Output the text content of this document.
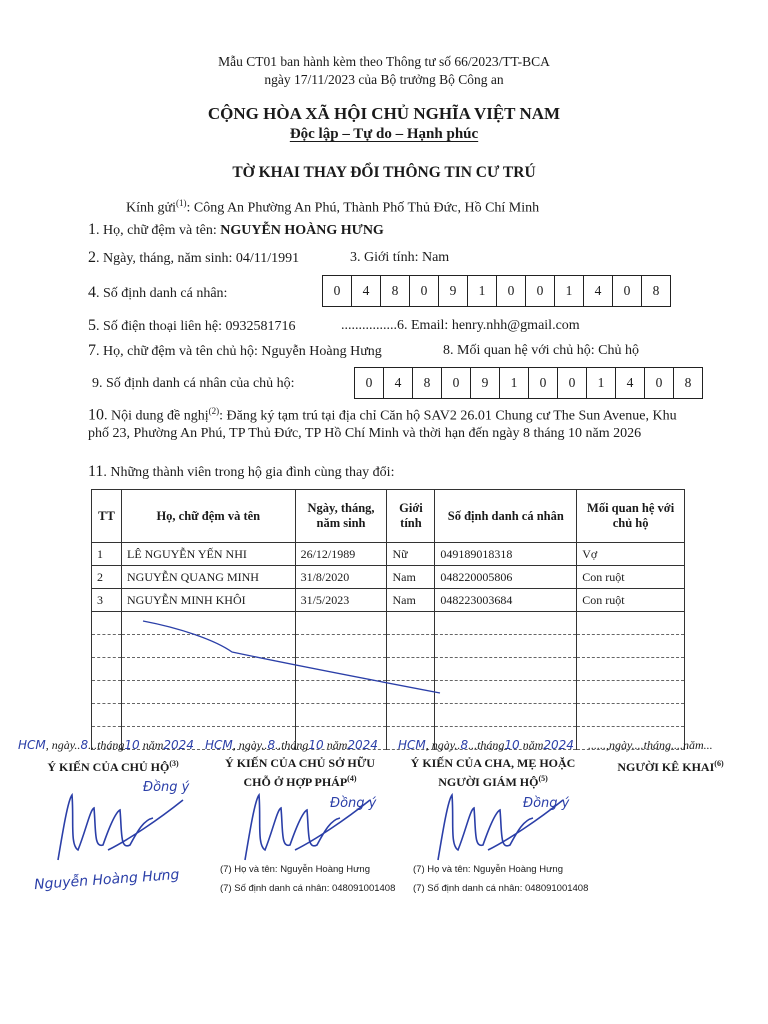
Mẫu CT01 ban hành kèm theo Thông tư số 66/2023/TT-BCA
ngày 17/11/2023 của Bộ trưởng Bộ Công an
CỘNG HÒA XÃ HỘI CHỦ NGHĨA VIỆT NAM
Độc lập – Tự do – Hạnh phúc
TỜ KHAI THAY ĐỔI THÔNG TIN CƯ TRÚ
Kính gửi$^{(1)}$: Công An Phường An Phú, Thành Phố Thủ Đức, Hồ Chí Minh
1. Họ, chữ đệm và tên: NGUYỄN HOÀNG HƯNG
2. Ngày, tháng, năm sinh: 04/11/1991	3. Giới tính: Nam
4. Số định danh cá nhân:	0	4	8	0	9	1	0	0	1	4	0	8
5. Số điện thoại liên hệ: 0932581716	................6. Email: henry.nhh@gmail.com
7. Họ, chữ đệm và tên chủ hộ: Nguyễn Hoàng Hưng	8. Mối quan hệ với chủ hộ: Chủ hộ
9. Số định danh cá nhân của chủ hộ:	0	4	8	0	9	1	0	0	1	4	0	8
10. Nội dung đề nghị$^{(2)}$: Đăng ký tạm trú tại địa chỉ Căn hộ SAV2 26.01 Chung cư The Sun Avenue, Khu phố 23, Phường An Phú, TP Thủ Đức, TP Hồ Chí Minh và thời hạn đến ngày 8 tháng 10 năm 2026
11. Những thành viên trong hộ gia đình cùng thay đổi:
TT	Họ, chữ đệm và tên	Ngày, tháng, năm sinh	Giới tính	Số định danh cá nhân	Mối quan hệ với chủ hộ
1	LÊ NGUYỄN YẾN NHI	26/12/1989	Nữ	049189018318	Vợ
2	NGUYỄN QUANG MINH	31/8/2020	Nam	048220005806	Con ruột
3	NGUYỄN MINH KHÔI	31/5/2023	Nam	048223003684	Con ruột

HCM, ngày..8...tháng10 năm2024
Ý KIẾN CỦA CHỦ HỘ$^{(3)}$
Đồng ý
Nguyễn Hoàng Hưng
HCM, ngày..8..tháng10 năm2024
Ý KIẾN CỦA CHỦ SỞ HỮU CHỖ Ở HỢP PHÁP$^{(4)}$
Đồng ý
(7) Họ và tên: Nguyễn Hoàng Hưng
(7) Số định danh cá nhân: 048091001408
HCM, ngày..8...tháng10 năm2024
Ý KIẾN CỦA CHA, MẸ HOẶC NGƯỜI GIÁM HỘ$^{(5)}$
Đồng ý
(7) Họ và tên: Nguyễn Hoàng Hưng
(7) Số định danh cá nhân: 048091001408
......,ngày....tháng....năm...
NGƯỜI KÊ KHAI$^{(6)}$
